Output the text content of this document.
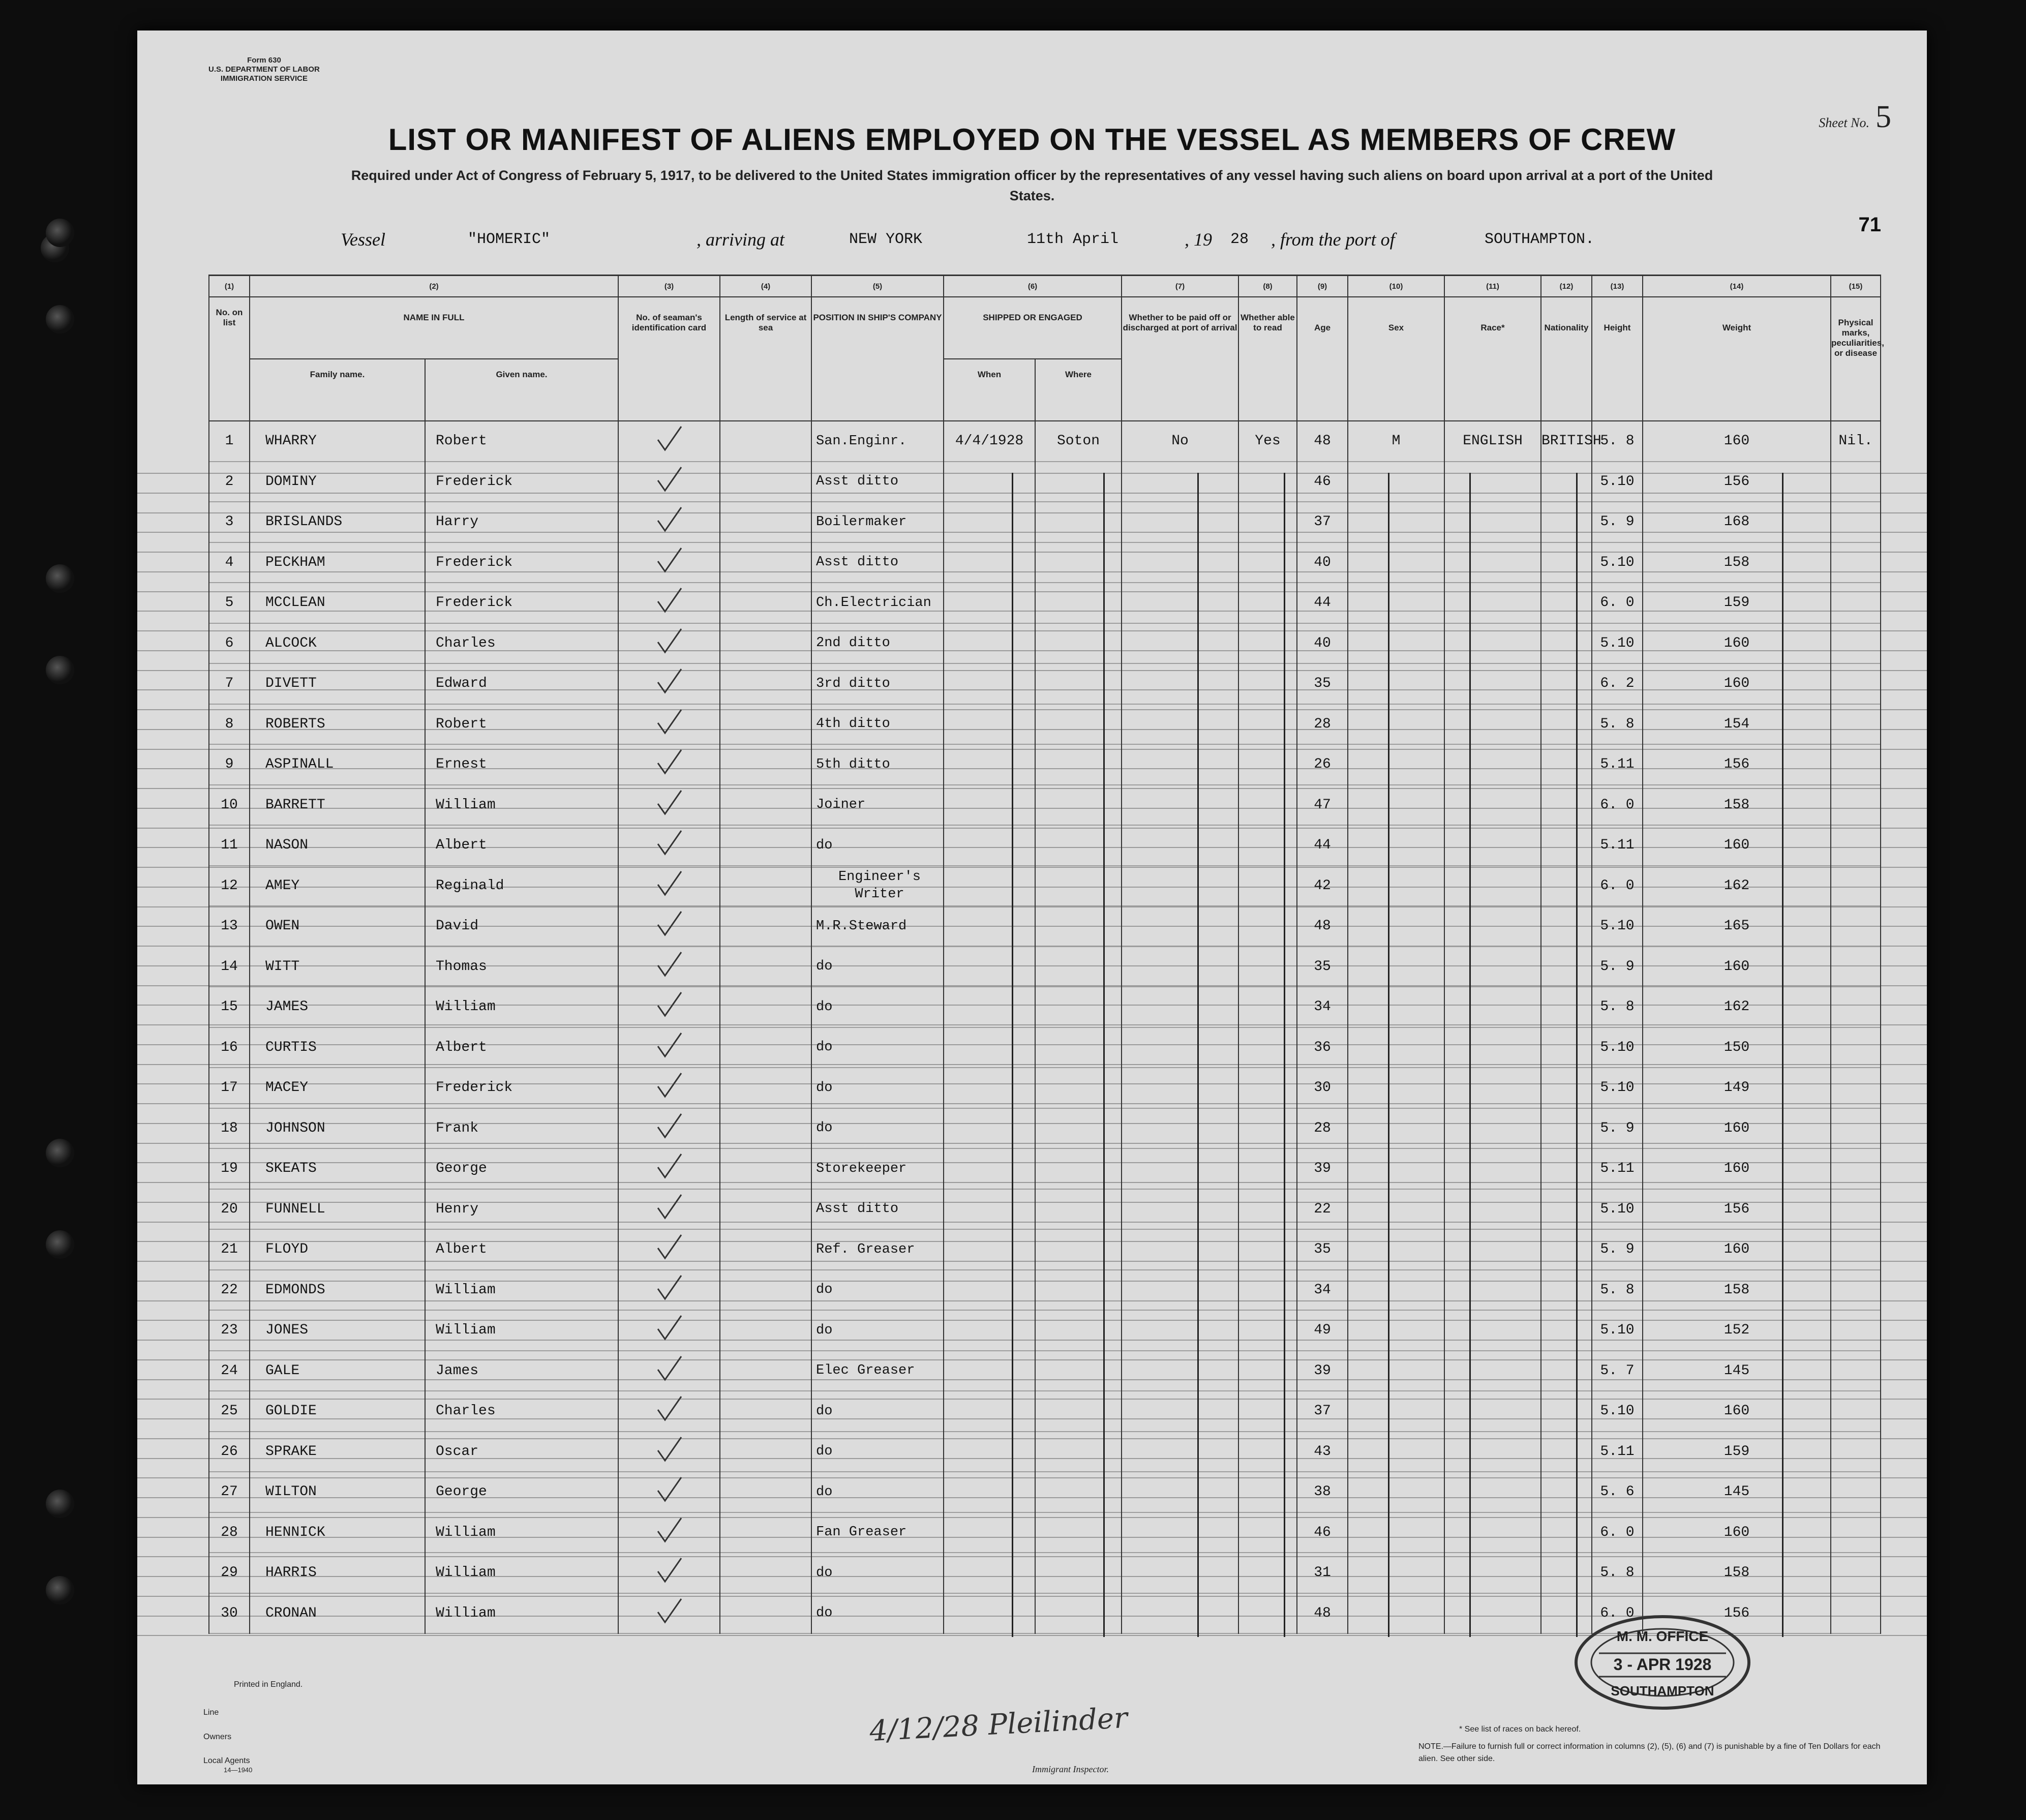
Form 630
U.S. DEPARTMENT OF LABOR
IMMIGRATION SERVICE
Sheet No. 5
LIST OR MANIFEST OF ALIENS EMPLOYED ON THE VESSEL AS MEMBERS OF CREW
Required under Act of Congress of February 5, 1917, to be delivered to the United States immigration officer by the representatives of any vessel having such aliens on board upon arrival at a port of the United States.
71
Vessel	"HOMERIC"	, arriving at	NEW YORK	11th April	, 19 28 , from the port of	SOUTHAMPTON.
(1)	(2)		(3)	(4)	(5)	(6)		(7)	(8)	(9)	(10)	(11)	(12)	(13)	(14)	(15)
No. on list	NAME IN FULL		No. of seaman's identification card	Length of service at sea	POSITION IN SHIP'S COMPANY	SHIPPED OR ENGAGED		Whether to be paid off or discharged at port of arrival	Whether able to read	Age	Sex	Race*	Nationality	Height	Weight	Physical marks, peculiarities, or disease
	Family name.	Given name.				When	Where									
1	WHARRY	Robert			San.Enginr.	4/4/1928	Soton	No	Yes	48	M	ENGLISH	BRITISH	5. 8	160	Nil.
2	DOMINY	Frederick			Asst ditto					46				5.10	156	
3	BRISLANDS	Harry			Boilermaker					37				5. 9	168	
4	PECKHAM	Frederick			Asst ditto					40				5.10	158	
5	MCCLEAN	Frederick			Ch.Electrician					44				6. 0	159	
6	ALCOCK	Charles			2nd ditto					40				5.10	160	
7	DIVETT	Edward			3rd ditto					35				6. 2	160	
8	ROBERTS	Robert			4th ditto					28				5. 8	154	
9	ASPINALL	Ernest			5th ditto					26				5.11	156	
10	BARRETT	William			Joiner					47				6. 0	158	
11	NASON	Albert			do					44				5.11	160	
12	AMEY	Reginald			Engineer's Writer					42				6. 0	162	
13	OWEN	David			M.R.Steward					48				5.10	165	
14	WITT	Thomas			do					35				5. 9	160	
15	JAMES	William			do					34				5. 8	162	
16	CURTIS	Albert			do					36				5.10	150	
17	MACEY	Frederick			do					30				5.10	149	
18	JOHNSON	Frank			do					28				5. 9	160	
19	SKEATS	George			Storekeeper					39				5.11	160	
20	FUNNELL	Henry			Asst ditto					22				5.10	156	
21	FLOYD	Albert			Ref. Greaser					35				5. 9	160	
22	EDMONDS	William			do					34				5. 8	158	
23	JONES	William			do					49				5.10	152	
24	GALE	James			Elec Greaser					39				5. 7	145	
25	GOLDIE	Charles			do					37				5.10	160	
26	SPRAKE	Oscar			do					43				5.11	159	
27	WILTON	George			do					38				5. 6	145	
28	HENNICK	William			Fan Greaser					46				6. 0	160	
29	HARRIS	William			do					31				5. 8	158	
30	CRONAN	William			do					48				6. 0	156	
Printed in England.
Line
Owners
Local Agents
14—1940
4/12/28 Pleilinder
Immigrant Inspector.
* See list of races on back hereof.
NOTE.—Failure to furnish full or correct information in columns (2), (5), (6) and (7) is punishable by a fine of Ten Dollars for each alien. See other side.
M. M. OFFICE
3 - APR 1928
SOUTHAMPTON
